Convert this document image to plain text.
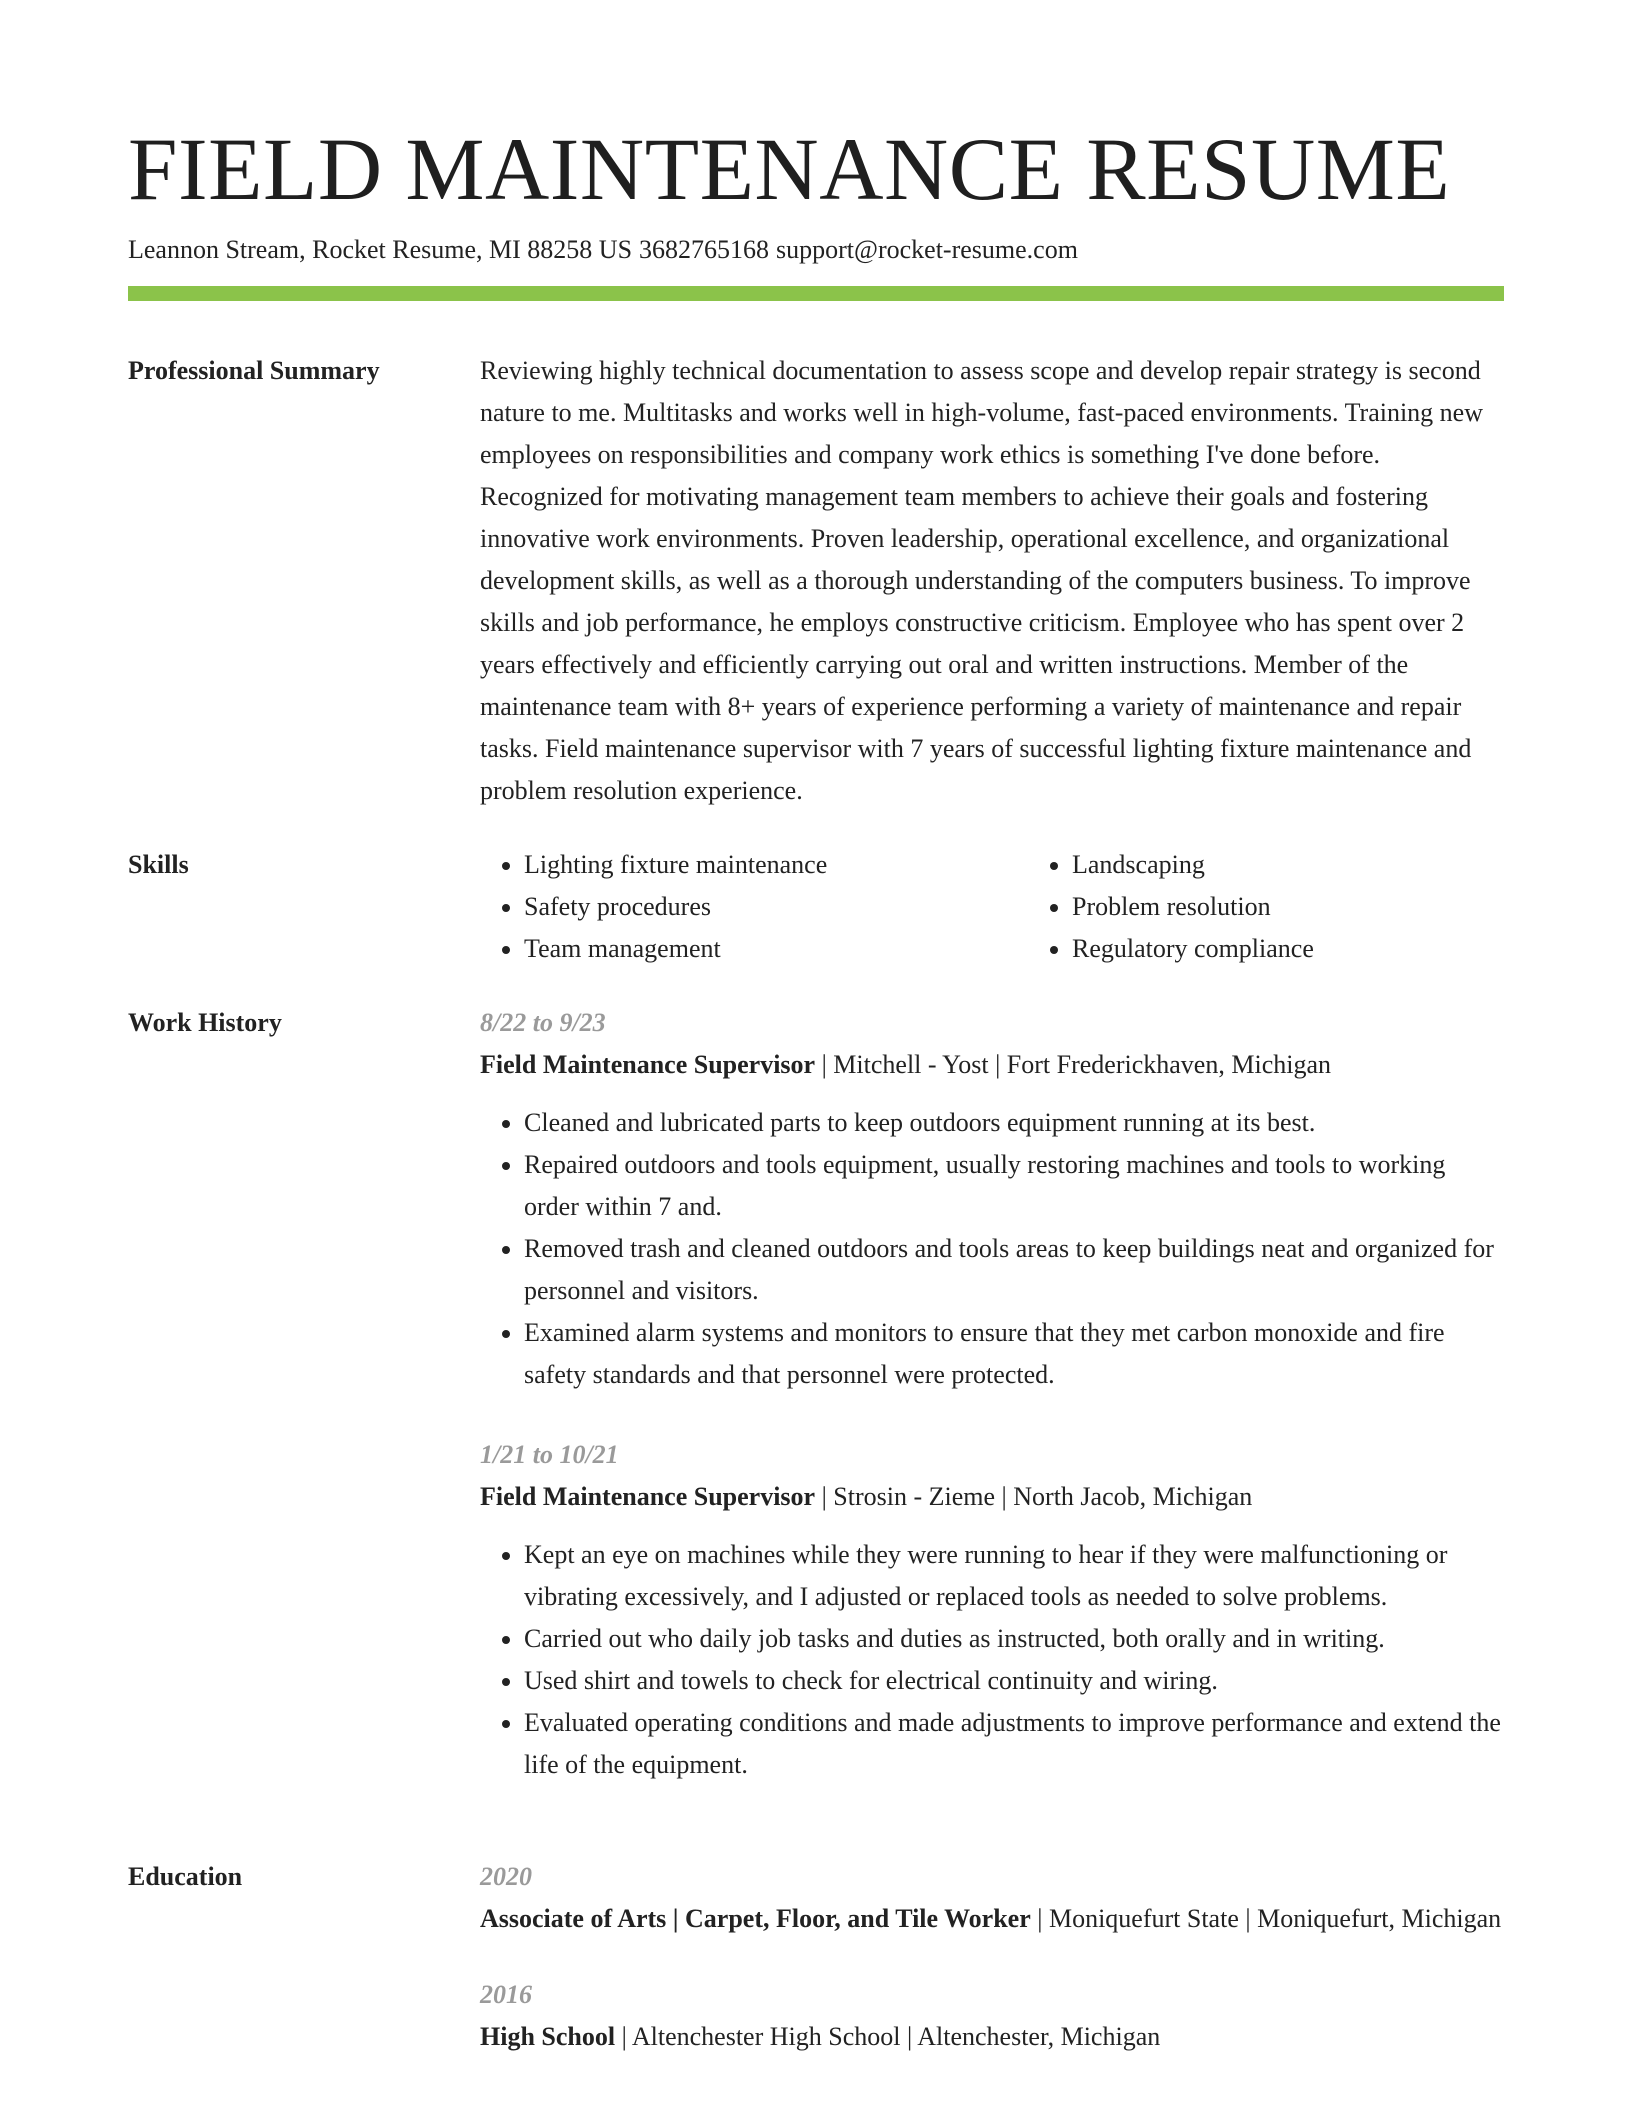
FIELD MAINTENANCE RESUME
Leannon Stream, Rocket Resume, MI 88258 US 3682765168 support@rocket-resume.com
Professional Summary	Reviewing highly technical documentation to assess scope and develop repair strategy is second nature to me. Multitasks and works well in high-volume, fast-paced environments. Training new employees on responsibilities and company work ethics is something I've done before. Recognized for motivating management team members to achieve their goals and fostering innovative work environments. Proven leadership, operational excellence, and organizational development skills, as well as a thorough understanding of the computers business. To improve skills and job performance, he employs constructive criticism. Employee who has spent over 2 years effectively and efficiently carrying out oral and written instructions. Member of the maintenance team with 8+ years of experience performing a variety of maintenance and repair tasks. Field maintenance supervisor with 7 years of successful lighting fixture maintenance and problem resolution experience.

Skills
•	Lighting fixture maintenance
• Safety procedures
• Team management
• Landscaping
• Problem resolution
• Regulatory compliance
Work History	8/22 to 9/23
Field Maintenance Supervisor | Mitchell - Yost | Fort Frederickhaven, Michigan
• Cleaned and lubricated parts to keep outdoors equipment running at its best.
• Repaired outdoors and tools equipment, usually restoring machines and tools to working order within 7 and.
• Removed trash and cleaned outdoors and tools areas to keep buildings neat and organized for personnel and visitors.
• Examined alarm systems and monitors to ensure that they met carbon monoxide and fire safety standards and that personnel were protected.
1/21 to 10/21
Field Maintenance Supervisor | Strosin - Zieme | North Jacob, Michigan
• Kept an eye on machines while they were running to hear if they were malfunctioning or vibrating excessively, and I adjusted or replaced tools as needed to solve problems.
• Carried out who daily job tasks and duties as instructed, both orally and in writing.
• Used shirt and towels to check for electrical continuity and wiring.
• Evaluated operating conditions and made adjustments to improve performance and extend the life of the equipment.
Education	2020
Associate of Arts | Carpet, Floor, and Tile Worker | Moniquefurt State | Moniquefurt, Michigan
2016
High School | Altenchester High School | Altenchester, Michigan
